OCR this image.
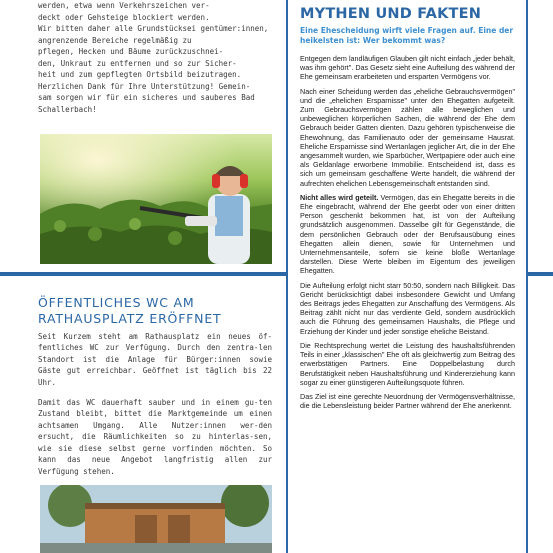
werden, etwa wenn Verkehrszeichen ver-

deckt oder Gehsteige blockiert werden.

Wir bitten daher alle Grundstücksei gentümer:innen,

angrenzende Bereiche regelmäßig zu

pflegen, Hecken und Bäume zurückzuschnei-

den, Unkraut zu entfernen und so zur Sicher-

heit und zum gepflegten Ortsbild beizutragen.

Herzlichen Dank für Ihre Unterstützung! Gemein-

sam sorgen wir für ein sicheres und sauberes Bad

Schallerbach!

ÖFFENTLICHES WC AM RATHAUSPLATZ ERÖFFNET

Seit Kurzem steht am Rathausplatz ein neues öf-fentliches WC zur Verfügung. Durch den zentra-len Standort ist die Anlage für Bürger:innen sowie Gäste gut erreichbar. Geöffnet ist täglich bis 22 Uhr.

Damit das WC dauerhaft sauber und in einem gu-ten Zustand bleibt, bittet die Marktgemeinde um einen achtsamen Umgang. Alle Nutzer:innen wer-den ersucht, die Räumlichkeiten so zu hinterlas-sen, wie sie diese selbst gerne vorfinden möchten. So kann das neue Angebot langfristig allen zur Verfügung stehen.

MYTHEN UND FAKTEN
Eine Ehescheidung wirft viele Fragen auf. Eine der heikelsten ist: Wer bekommt was?

Entgegen dem landläufigen Glauben gilt nicht einfach „jeder behält, was ihm gehört". Das Gesetz sieht eine Aufteilung des während der Ehe gemeinsam erarbeiteten und ersparten Vermögens vor.

Nach einer Scheidung werden das „eheliche Gebrauchsvermögen" und die „ehelichen Ersparnisse" unter den Ehegatten aufgeteilt. Zum Gebrauchsvermögen zählen alle beweglichen und unbeweglichen körperlichen Sachen, die während der Ehe dem Gebrauch beider Gatten dienten. Dazu gehören typischerweise die Ehewohnung, das Familienauto oder der gemeinsame Hausrat. Eheliche Ersparnisse sind Wertanlagen jeglicher Art, die in der Ehe angesammelt wurden, wie Sparbücher, Wertpapiere oder auch eine als Geldanlage erworbene Immobilie. Entscheidend ist, dass es sich um gemeinsam geschaffene Werte handelt, die während der aufrechten ehelichen Lebensgemeinschaft entstanden sind.

Nicht alles wird geteilt. Vermögen, das ein Ehegatte bereits in die Ehe eingebracht, während der Ehe geerbt oder von einer dritten Person geschenkt bekommen hat, ist von der Aufteilung grundsätzlich ausgenommen. Dasselbe gilt für Gegenstände, die dem persönlichen Gebrauch oder der Berufsausübung eines Ehegatten allein dienen, sowie für Unternehmen und Unternehmensanteile, sofern sie keine bloße Wertanlage darstellen. Diese Werte bleiben im Eigentum des jeweiligen Ehegatten.

Die Aufteilung erfolgt nicht starr 50:50, sondern nach Billigkeit. Das Gericht berücksichtigt dabei insbesondere Gewicht und Umfang des Beitrags jedes Ehegatten zur Anschaffung des Vermögens. Als Beitrag zählt nicht nur das verdiente Geld, sondern ausdrücklich auch die Führung des gemeinsamen Haushalts, die Pflege und Erziehung der Kinder und jeder sonstige eheliche Beistand.

Die Rechtsprechung wertet die Leistung des haushaltsführenden Teils in einer „klassischen" Ehe oft als gleichwertig zum Beitrag des erwerbstätigen Partners. Eine Doppelbelastung durch Berufstätigkeit neben Haushaltsführung und Kindererziehung kann sogar zu einer günstigeren Aufteilungsquote führen.

Das Ziel ist eine gerechte Neuordnung der Vermögensverhältnisse, die die Lebensleistung beider Partner während der Ehe anerkennt.
